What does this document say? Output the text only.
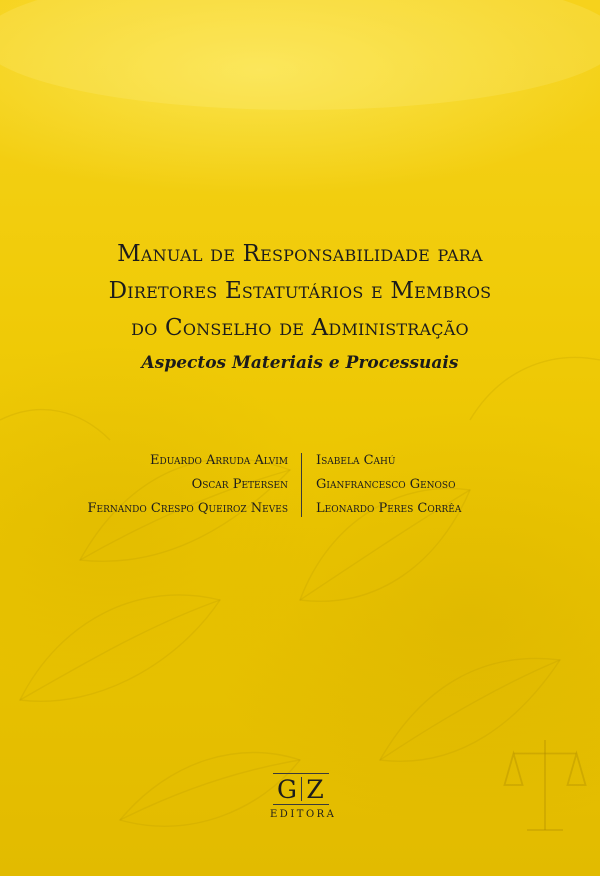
Manual de Responsabilidade para
Diretores Estatutários e Membros
do Conselho de Administração
Aspectos Materiais e Processuais
Eduardo Arruda Alvim
Oscar Petersen
Fernando Crespo Queiroz Neves
Isabela Cahú
Gianfrancesco Genoso
Leonardo Peres Corrêa
G Z
EDITORA
